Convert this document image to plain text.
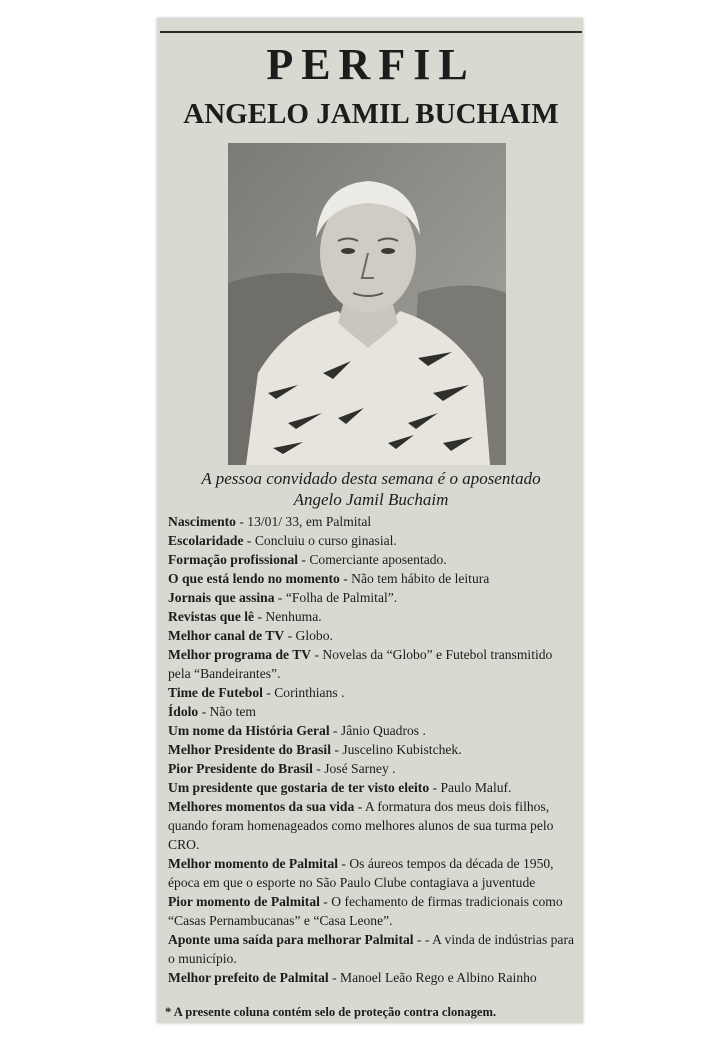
PERFIL
ANGELO JAMIL BUCHAIM
A pessoa convidado desta semana é o aposentado
Angelo Jamil Buchaim

Nascimento - 13/01/ 33, em Palmital

Escolaridade - Concluiu o curso ginasial.

Formação profissional - Comerciante aposentado.

O que está lendo no momento - Não tem hábito de leitura

Jornais que assina - “Folha de Palmital”.

Revistas que lê - Nenhuma.

Melhor canal de TV - Globo.

Melhor programa de TV - Novelas da “Globo” e Futebol transmitido pela “Bandeirantes”.

Time de Futebol - Corinthians .

Ídolo - Não tem

Um nome da História Geral - Jânio Quadros .

Melhor Presidente do Brasil - Juscelino Kubistchek.

Pior Presidente do Brasil - José Sarney .

Um presidente que gostaria de ter visto eleito - Paulo Maluf.

Melhores momentos da sua vida - A formatura dos meus dois filhos, quando foram homenageados como melhores alunos de sua turma pelo CRO.

Melhor momento de Palmital - Os áureos tempos da década de 1950, época em que o esporte no São Paulo Clube contagiava a juventude

Pior momento de Palmital - O fechamento de firmas tradicionais como “Casas Pernambucanas” e “Casa Leone”.

Aponte uma saída para melhorar Palmital - - A vinda de indústrias para o município.

Melhor prefeito de Palmital - Manoel Leão Rego e Albino Rainho

* A presente coluna contém selo de proteção contra clonagem.
